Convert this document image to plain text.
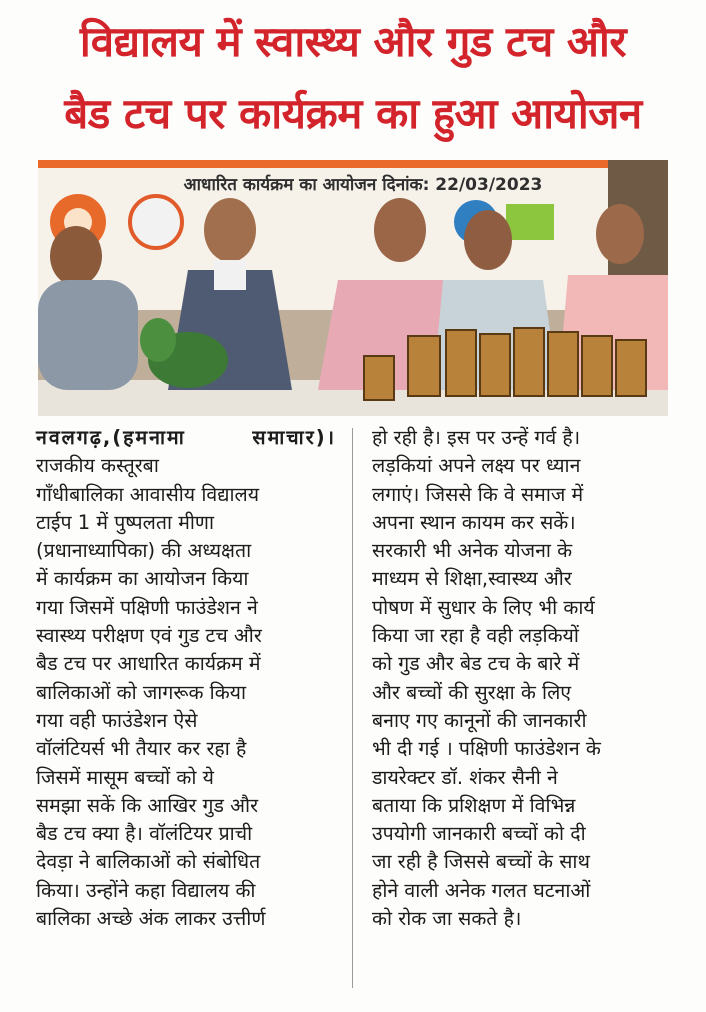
विद्यालय में स्वास्थ्य और गुड टच और
बैड टच पर कार्यक्रम का हुआ आयोजन
आधारित कार्यक्रम का आयोजन दिनांक: 22/03/2023
नवलगढ़,(हमनामा समाचार)। राजकीय कस्तूरबा
गाँधीबालिका आवासीय विद्यालय
टाईप 1 में पुष्पलता मीणा
(प्रधानाध्यापिका) की अध्यक्षता
में कार्यक्रम का आयोजन किया
गया जिसमें पक्षिणी फाउंडेशन ने
स्वास्थ्य परीक्षण एवं गुड टच और
बैड टच पर आधारित कार्यक्रम में
बालिकाओं को जागरूक किया
गया वही फाउंडेशन ऐसे
वॉलंटियर्स भी तैयार कर रहा है
जिसमें मासूम बच्चों को ये
समझा सकें कि आखिर गुड और
बैड टच क्या है। वॉलंटियर प्राची
देवड़ा ने बालिकाओं को संबोधित
किया। उन्होंने कहा विद्यालय की
बालिका अच्छे अंक लाकर उत्तीर्ण
हो रही है। इस पर उन्हें गर्व है।
लड़कियां अपने लक्ष्य पर ध्यान
लगाएं। जिससे कि वे समाज में
अपना स्थान कायम कर सकें।
सरकारी भी अनेक योजना के
माध्यम से शिक्षा,स्वास्थ्य और
पोषण में सुधार के लिए भी कार्य
किया जा रहा है वही लड़कियों
को गुड और बेड टच के बारे में
और बच्चों की सुरक्षा के लिए
बनाए गए कानूनों की जानकारी
भी दी गई । पक्षिणी फाउंडेशन के
डायरेक्टर डॉ. शंकर सैनी ने
बताया कि प्रशिक्षण में विभिन्न
उपयोगी जानकारी बच्चों को दी
जा रही है जिससे बच्चों के साथ
होने वाली अनेक गलत घटनाओं
को रोक जा सकते है।
